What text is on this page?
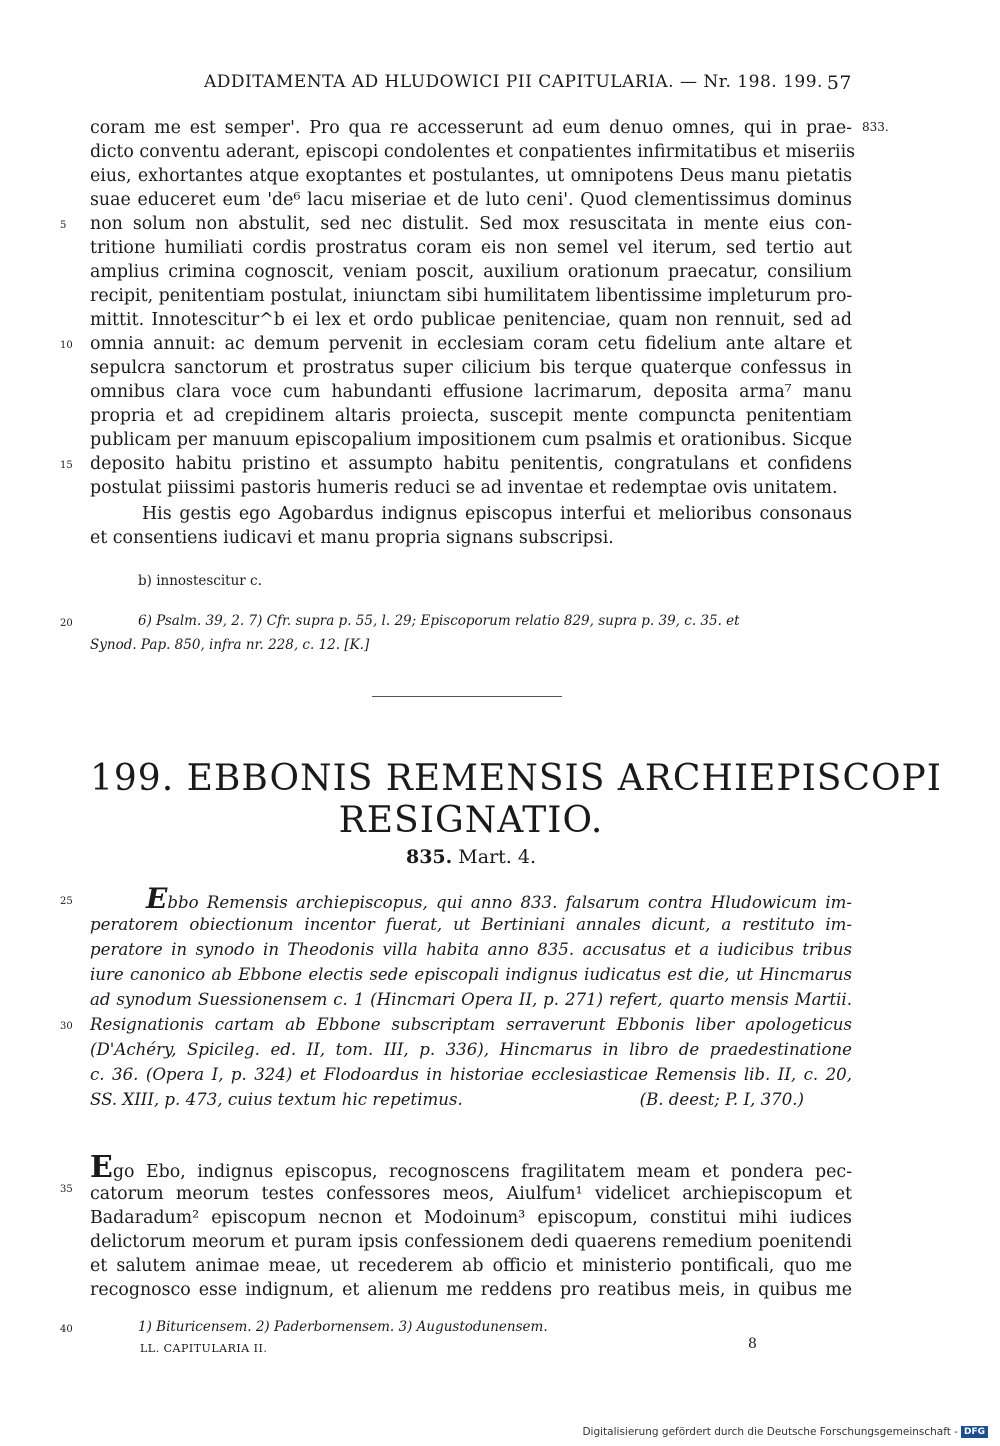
ADDITAMENTA AD HLUDOWICI PII CAPITULARIA. — Nr. 198. 199. 57
833.
coram me est semper'. Pro qua re accesserunt ad eum denuo omnes, qui in prae-
dicto conventu aderant, episcopi condolentes et conpatientes infirmitatibus et miseriis
eius, exhortantes atque exoptantes et postulantes, ut omnipotens Deus manu pietatis
suae educeret eum 'de⁶ lacu miseriae et de luto ceni'. Quod clementissimus dominus
non solum non abstulit, sed nec distulit. Sed mox resuscitata in mente eius con-
tritione humiliati cordis prostratus coram eis non semel vel iterum, sed tertio aut
amplius crimina cognoscit, veniam poscit, auxilium orationum praecatur, consilium
recipit, penitentiam postulat, iniunctam sibi humilitatem libentissime impleturum pro-
mittit. Innotescitur^b ei lex et ordo publicae penitenciae, quam non rennuit, sed ad
omnia annuit: ac demum pervenit in ecclesiam coram cetu fidelium ante altare et
sepulcra sanctorum et prostratus super cilicium bis terque quaterque confessus in
omnibus clara voce cum habundanti effusione lacrimarum, deposita arma⁷ manu
propria et ad crepidinem altaris proiecta, suscepit mente compuncta penitentiam
publicam per manuum episcopalium impositionem cum psalmis et orationibus. Sicque
deposito habitu pristino et assumpto habitu penitentis, congratulans et confidens
postulat piissimi pastoris humeris reduci se ad inventae et redemptae ovis unitatem.
His gestis ego Agobardus indignus episcopus interfui et melioribus consonaus
et consentiens iudicavi et manu propria signans subscripsi.
5
10
15
20
25
30
35
40
b) innostescitur c.
6) Psalm. 39, 2. 7) Cfr. supra p. 55, l. 29; Episcoporum relatio 829, supra p. 39, c. 35. et
Synod. Pap. 850, infra nr. 228, c. 12. [K.]
199. EBBONIS REMENSIS ARCHIEPISCOPI
RESIGNATIO.
835. Mart. 4.
Ebbo Remensis archiepiscopus, qui anno 833. falsarum contra Hludowicum im-
peratorem obiectionum incentor fuerat, ut Bertiniani annales dicunt, a restituto im-
peratore in synodo in Theodonis villa habita anno 835. accusatus et a iudicibus tribus
iure canonico ab Ebbone electis sede episcopali indignus iudicatus est die, ut Hincmarus
ad synodum Suessionensem c. 1 (Hincmari Opera II, p. 271) refert, quarto mensis Martii.
Resignationis cartam ab Ebbone subscriptam serraverunt Ebbonis liber apologeticus
(D'Achéry, Spicileg. ed. II, tom. III, p. 336), Hincmarus in libro de praedestinatione
c. 36. (Opera I, p. 324) et Flodoardus in historiae ecclesiasticae Remensis lib. II, c. 20,
SS. XIII, p. 473, cuius textum hic repetimus.	(B. deest; P. I, 370.)
Ego Ebo, indignus episcopus, recognoscens fragilitatem meam et pondera pec-
catorum meorum testes confessores meos, Aiulfum¹ videlicet archiepiscopum et
Badaradum² episcopum necnon et Modoinum³ episcopum, constitui mihi iudices
delictorum meorum et puram ipsis confessionem dedi quaerens remedium poenitendi
et salutem animae meae, ut recederem ab officio et ministerio pontificali, quo me
recognosco esse indignum, et alienum me reddens pro reatibus meis, in quibus me
1) Bituricensem. 2) Paderbornensem. 3) Augustodunensem.
LL. CAPITULARIA II.	8
Digitalisierung gefördert durch die Deutsche Forschungsgemeinschaft - DFG
